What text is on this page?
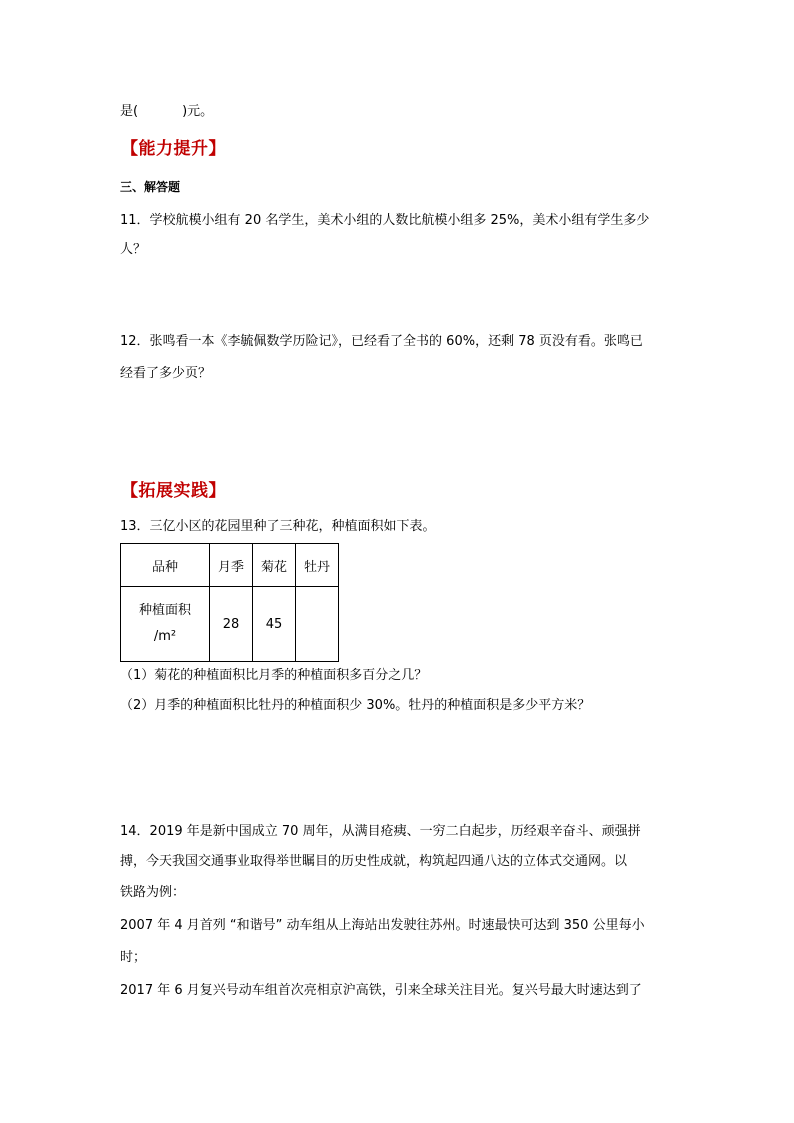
是(	)元。
【能力提升】
三、解答题
11．学校航模小组有 20 名学生，美术小组的人数比航模小组多 25%，美术小组有学生多少
人？
12．张鸣看一本《李毓佩数学历险记》，已经看了全书的 60%，还剩 78 页没有看。张鸣已
经看了多少页？
【拓展实践】
13．三亿小区的花园里种了三种花，种植面积如下表。
品种	月季	菊花	牡丹

种植面积
/m²	28	45	
（1）菊花的种植面积比月季的种植面积多百分之几？
（2）月季的种植面积比牡丹的种植面积少 30%。牡丹的种植面积是多少平方米？
14．2019 年是新中国成立 70 周年，从满目疮痍、一穷二白起步，历经艰辛奋斗、顽强拼
搏，今天我国交通事业取得举世瞩目的历史性成就，构筑起四通八达的立体式交通网。以
铁路为例：
2007 年 4 月首列 “和谐号” 动车组从上海站出发驶往苏州。时速最快可达到 350 公里每小
时；
2017 年 6 月复兴号动车组首次亮相京沪高铁，引来全球关注目光。复兴号最大时速达到了
